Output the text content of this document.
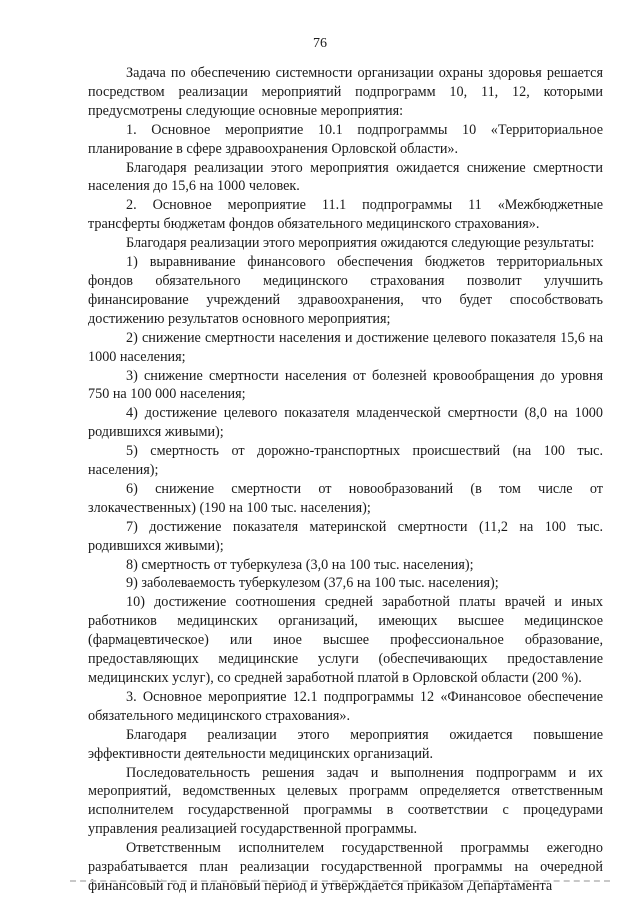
76

Задача по обеспечению системности организации охраны здоровья решается посредством реализации мероприятий подпрограмм 10, 11, 12, которыми предусмотрены следующие основные мероприятия:

1. Основное мероприятие 10.1 подпрограммы 10 «Территориальное планирование в сфере здравоохранения Орловской области».

Благодаря реализации этого мероприятия ожидается снижение смертности населения до 15,6 на 1000 человек.

2. Основное мероприятие 11.1 подпрограммы 11 «Межбюджетные трансферты бюджетам фондов обязательного медицинского страхования».

Благодаря реализации этого мероприятия ожидаются следующие результаты:

1) выравнивание финансового обеспечения бюджетов территориальных фондов обязательного медицинского страхования позволит улучшить финансирование учреждений здравоохранения, что будет способствовать достижению результатов основного мероприятия;

2) снижение смертности населения и достижение целевого показателя 15,6 на 1000 населения;

3) снижение смертности населения от болезней кровообращения до уровня 750 на 100 000 населения;

4) достижение целевого показателя младенческой смертности (8,0 на 1000 родившихся живыми);

5) смертность от дорожно-транспортных происшествий (на 100 тыс. населения);

6) снижение смертности от новообразований (в том числе от злокачественных) (190 на 100 тыс. населения);

7) достижение показателя материнской смертности (11,2 на 100 тыс. родившихся живыми);

8) смертность от туберкулеза (3,0 на 100 тыс. населения);

9) заболеваемость туберкулезом (37,6 на 100 тыс. населения);

10) достижение соотношения средней заработной платы врачей и иных работников медицинских организаций, имеющих высшее медицинское (фармацевтическое) или иное высшее профессиональное образование, предоставляющих медицинские услуги (обеспечивающих предоставление медицинских услуг), со средней заработной платой в Орловской области (200 %).

3. Основное мероприятие 12.1 подпрограммы 12 «Финансовое обеспечение обязательного медицинского страхования».

Благодаря реализации этого мероприятия ожидается повышение эффективности деятельности медицинских организаций.

Последовательность решения задач и выполнения подпрограмм и их мероприятий, ведомственных целевых программ определяется ответственным исполнителем государственной программы в соответствии с процедурами управления реализацией государственной программы.

Ответственным исполнителем государственной программы ежегодно разрабатывается план реализации государственной программы на очередной финансовый год и плановый период и утверждается приказом Департамента
